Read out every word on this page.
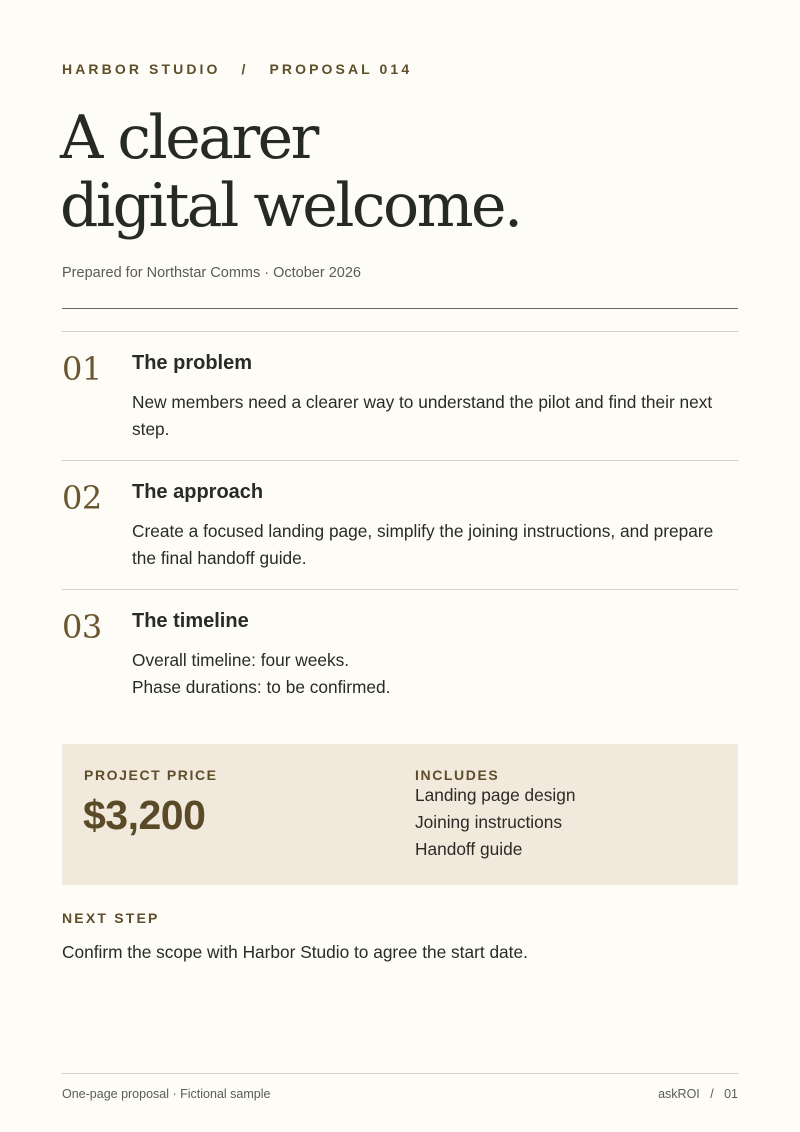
HARBOR STUDIO   /   PROPOSAL 014
A clearer
digital welcome.
Prepared for Northstar Comms · October 2026
01 The problem
New members need a clearer way to understand the pilot and find their next step.
02 The approach
Create a focused landing page, simplify the joining instructions, and prepare the final handoff guide.
03 The timeline
Overall timeline: four weeks.
Phase durations: to be confirmed.
PROJECT PRICE
$3,200
INCLUDES
Landing page design
Joining instructions
Handoff guide
NEXT STEP
Confirm the scope with Harbor Studio to agree the start date.
One-page proposal · Fictional sample	askROI   /   01
